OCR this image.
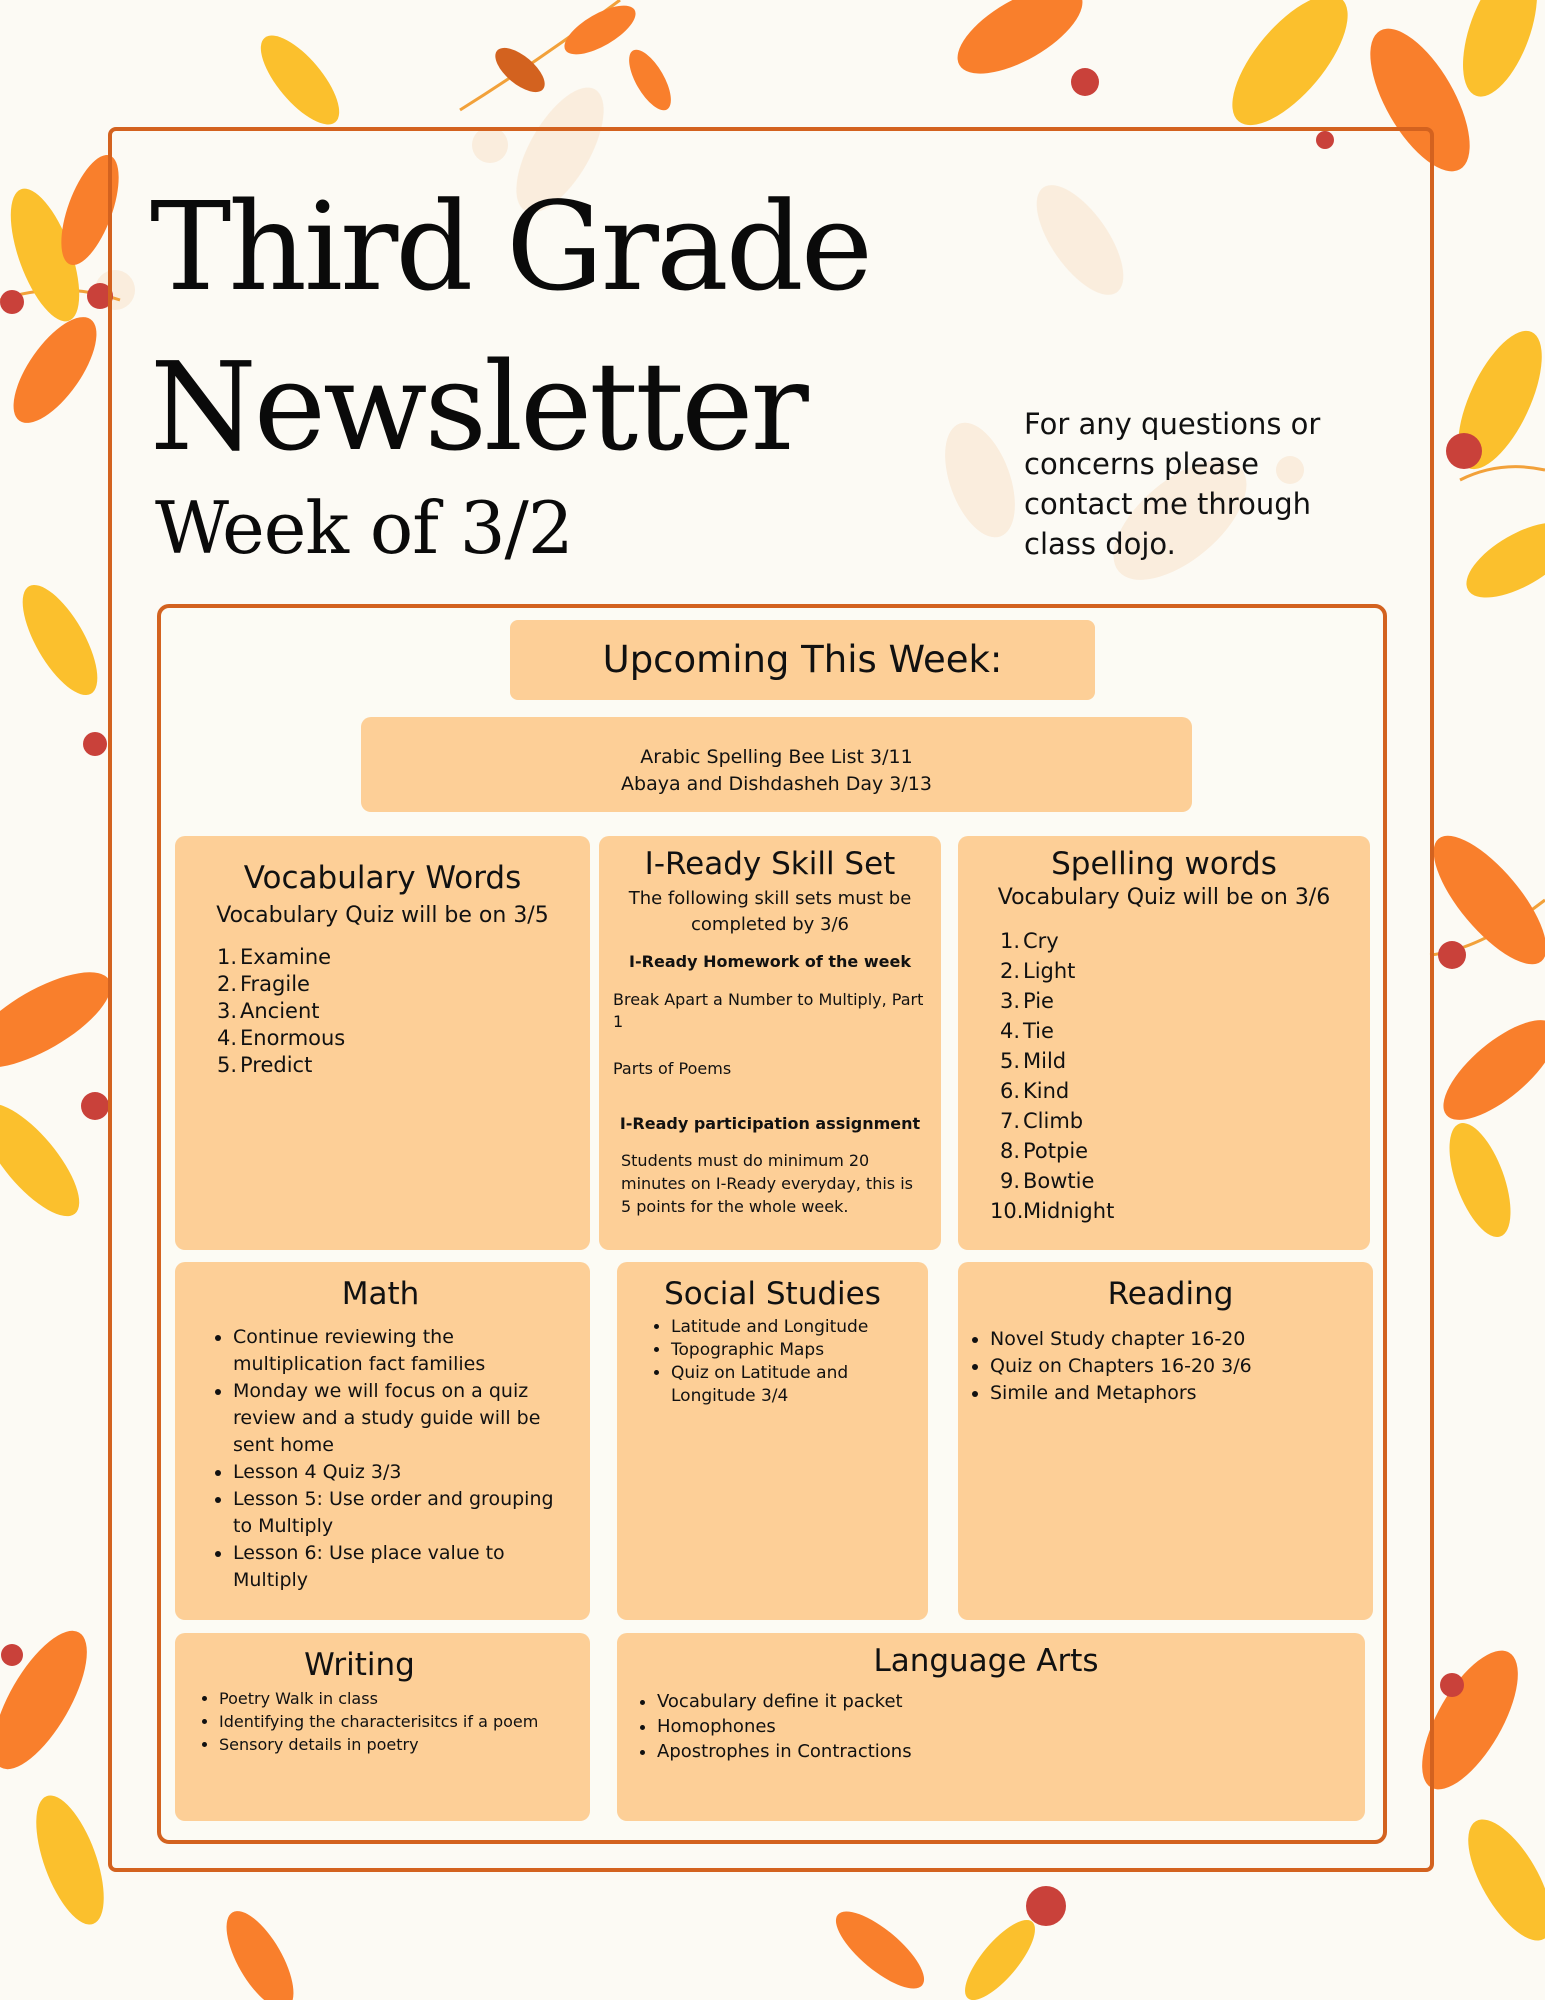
Third Grade
Newsletter
Week of 3/2
For any questions or concerns please contact me through class dojo.
Upcoming This Week:
Arabic Spelling Bee List 3/11
Abaya and Dishdasheh Day 3/13
Vocabulary Words

Vocabulary Quiz will be on 3/5

1. Examine
2. Fragile
3. Ancient
4. Enormous
5. Predict
I-Ready Skill Set

The following skill sets must be completed by 3/6

I-Ready Homework of the week

Break Apart a Number to Multiply, Part 1

Parts of Poems

I-Ready participation assignment

Students must do minimum 20 minutes on I-Ready everyday, this is 5 points for the whole week.

Spelling words

Vocabulary Quiz will be on 3/6

1. Cry
2. Light
3. Pie
4. Tie
5. Mild
6. Kind
7. Climb
8. Potpie
9. Bowtie
10. Midnight
Math
• Continue reviewing the multiplication fact families
• Monday we will focus on a quiz review and a study guide will be sent home
• Lesson 4 Quiz 3/3
• Lesson 5: Use order and grouping to Multiply
• Lesson 6: Use place value to Multiply
Social Studies
• Latitude and Longitude
• Topographic Maps
• Quiz on Latitude and Longitude 3/4
Reading
• Novel Study chapter 16-20
• Quiz on Chapters 16-20 3/6
• Simile and Metaphors
Writing
• Poetry Walk in class
• Identifying the characterisitcs if a poem
• Sensory details in poetry
Language Arts
• Vocabulary define it packet
• Homophones
• Apostrophes in Contractions
